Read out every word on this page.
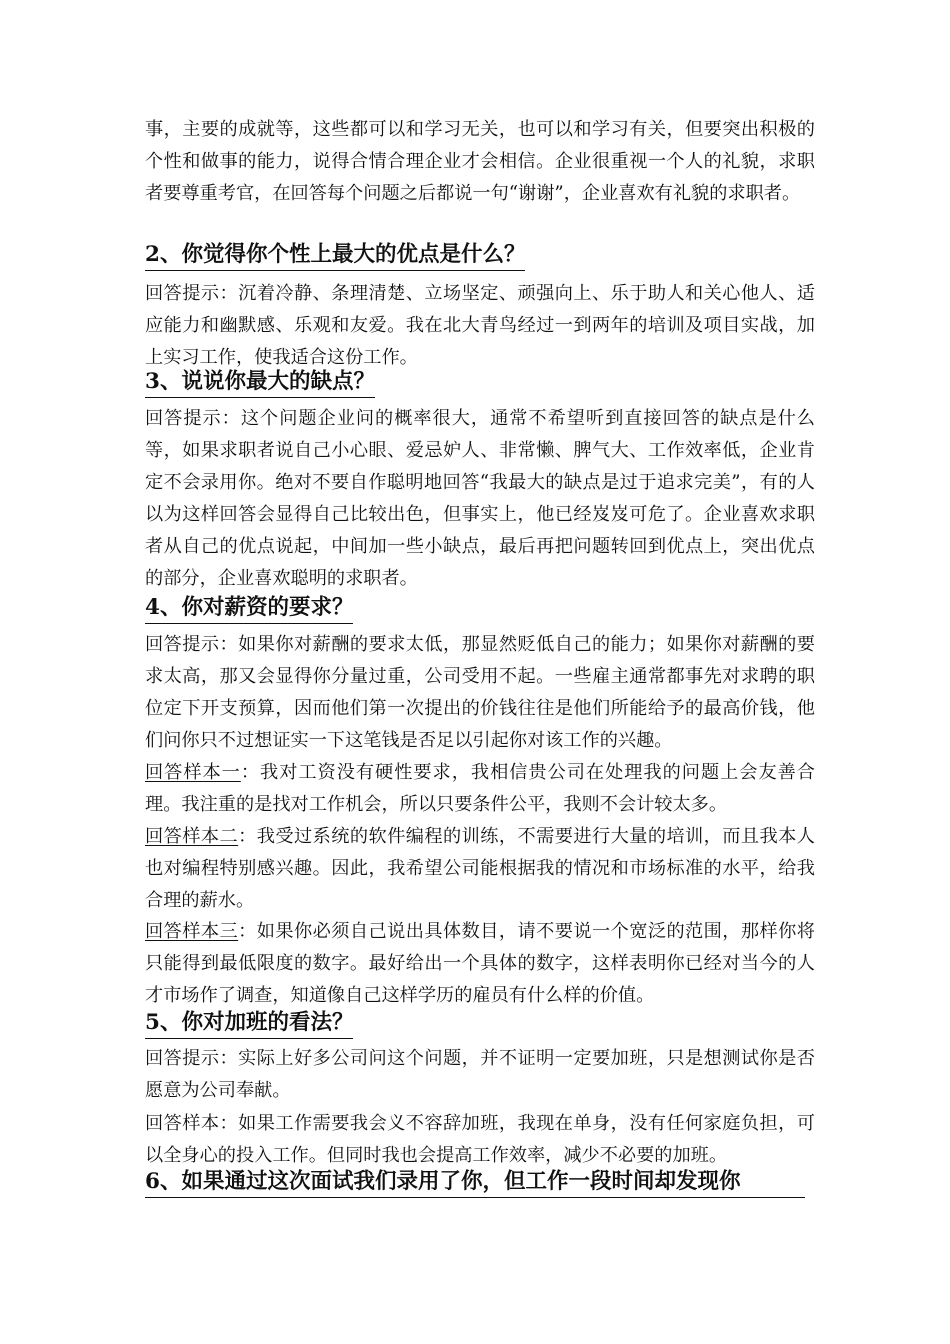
事，主要的成就等，这些都可以和学习无关，也可以和学习有关，但要突出积极的个性和做事的能力，说得合情合理企业才会相信。企业很重视一个人的礼貌，求职者要尊重考官，在回答每个问题之后都说一句“谢谢”，企业喜欢有礼貌的求职者。

2、你觉得你个性上最大的优点是什么？

回答提示：沉着冷静、条理清楚、立场坚定、顽强向上、乐于助人和关心他人、适应能力和幽默感、乐观和友爱。我在北大青鸟经过一到两年的培训及项目实战，加上实习工作，使我适合这份工作。

3、说说你最大的缺点？

回答提示：这个问题企业问的概率很大，通常不希望听到直接回答的缺点是什么等，如果求职者说自己小心眼、爱忌妒人、非常懒、脾气大、工作效率低，企业肯定不会录用你。绝对不要自作聪明地回答“我最大的缺点是过于追求完美”，有的人以为这样回答会显得自己比较出色，但事实上，他已经岌岌可危了。企业喜欢求职者从自己的优点说起，中间加一些小缺点，最后再把问题转回到优点上，突出优点的部分，企业喜欢聪明的求职者。

4、你对薪资的要求？

回答提示：如果你对薪酬的要求太低，那显然贬低自己的能力；如果你对薪酬的要求太高，那又会显得你分量过重，公司受用不起。一些雇主通常都事先对求聘的职位定下开支预算，因而他们第一次提出的价钱往往是他们所能给予的最高价钱，他们问你只不过想证实一下这笔钱是否足以引起你对该工作的兴趣。

回答样本一：我对工资没有硬性要求，我相信贵公司在处理我的问题上会友善合理。我注重的是找对工作机会，所以只要条件公平，我则不会计较太多。

回答样本二：我受过系统的软件编程的训练，不需要进行大量的培训，而且我本人也对编程特别感兴趣。因此，我希望公司能根据我的情况和市场标准的水平，给我合理的薪水。

回答样本三：如果你必须自己说出具体数目，请不要说一个宽泛的范围，那样你将只能得到最低限度的数字。最好给出一个具体的数字，这样表明你已经对当今的人才市场作了调查，知道像自己这样学历的雇员有什么样的价值。

5、你对加班的看法？

回答提示：实际上好多公司问这个问题，并不证明一定要加班，只是想测试你是否愿意为公司奉献。

回答样本：如果工作需要我会义不容辞加班，我现在单身，没有任何家庭负担，可以全身心的投入工作。但同时我也会提高工作效率，减少不必要的加班。

6、如果通过这次面试我们录用了你，但工作一段时间却发现你
